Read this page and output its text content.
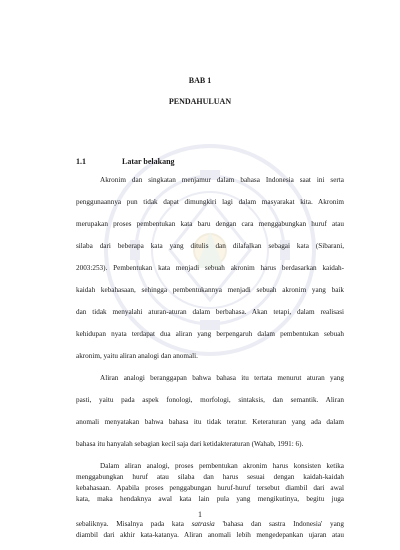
BAB 1
PENDAHULUAN
1.1	Latar belakang
Akronim dan singkatan menjamur dalam bahasa Indonesia saat ini serta
penggunaannya pun tidak dapat dimungkiri lagi dalam masyarakat kita. Akronim
merupakan proses pembentukan kata baru dengan cara menggabungkan huruf atau
silaba dari beberapa kata yang ditulis dan dilafalkan sebagai kata (Sibarani,
2003:253). Pembentukan kata menjadi sebuah akronim harus berdasarkan kaidah-
kaidah kebahasaan, sehingga pembentukannya menjadi sebuah akronim yang baik
dan tidak menyalahi aturan-aturan dalam berbahasa. Akan tetapi, dalam realisasi
kehidupan nyata terdapat dua aliran yang berpengaruh dalam pembentukan sebuah
akronim, yaitu aliran analogi dan anomali.
Aliran analogi beranggapan bahwa bahasa itu tertata menurut aturan yang
pasti, yaitu pada aspek fonologi, morfologi, sintaksis, dan semantik. Aliran
anomali menyatakan bahwa bahasa itu tidak teratur. Keteraturan yang ada dalam
bahasa itu hanyalah sebagian kecil saja dari ketidakteraturan (Wahab, 1991: 6).
Dalam aliran analogi, proses pembentukan akronim harus konsisten ketika
menggabungkan huruf atau silaba dan harus sesuai dengan kaidah-kaidah
kebahasaan. Apabila proses penggabungan huruf-huruf tersebut diambil dari awal
kata, maka hendaknya awal kata lain pula yang mengikutinya, begitu juga
sebaliknya. Misalnya pada kata satrasia 'bahasa dan sastra Indonesia' yang
diambil dari akhir kata-katanya. Aliran anomali lebih mengedepankan ujaran atau
1
